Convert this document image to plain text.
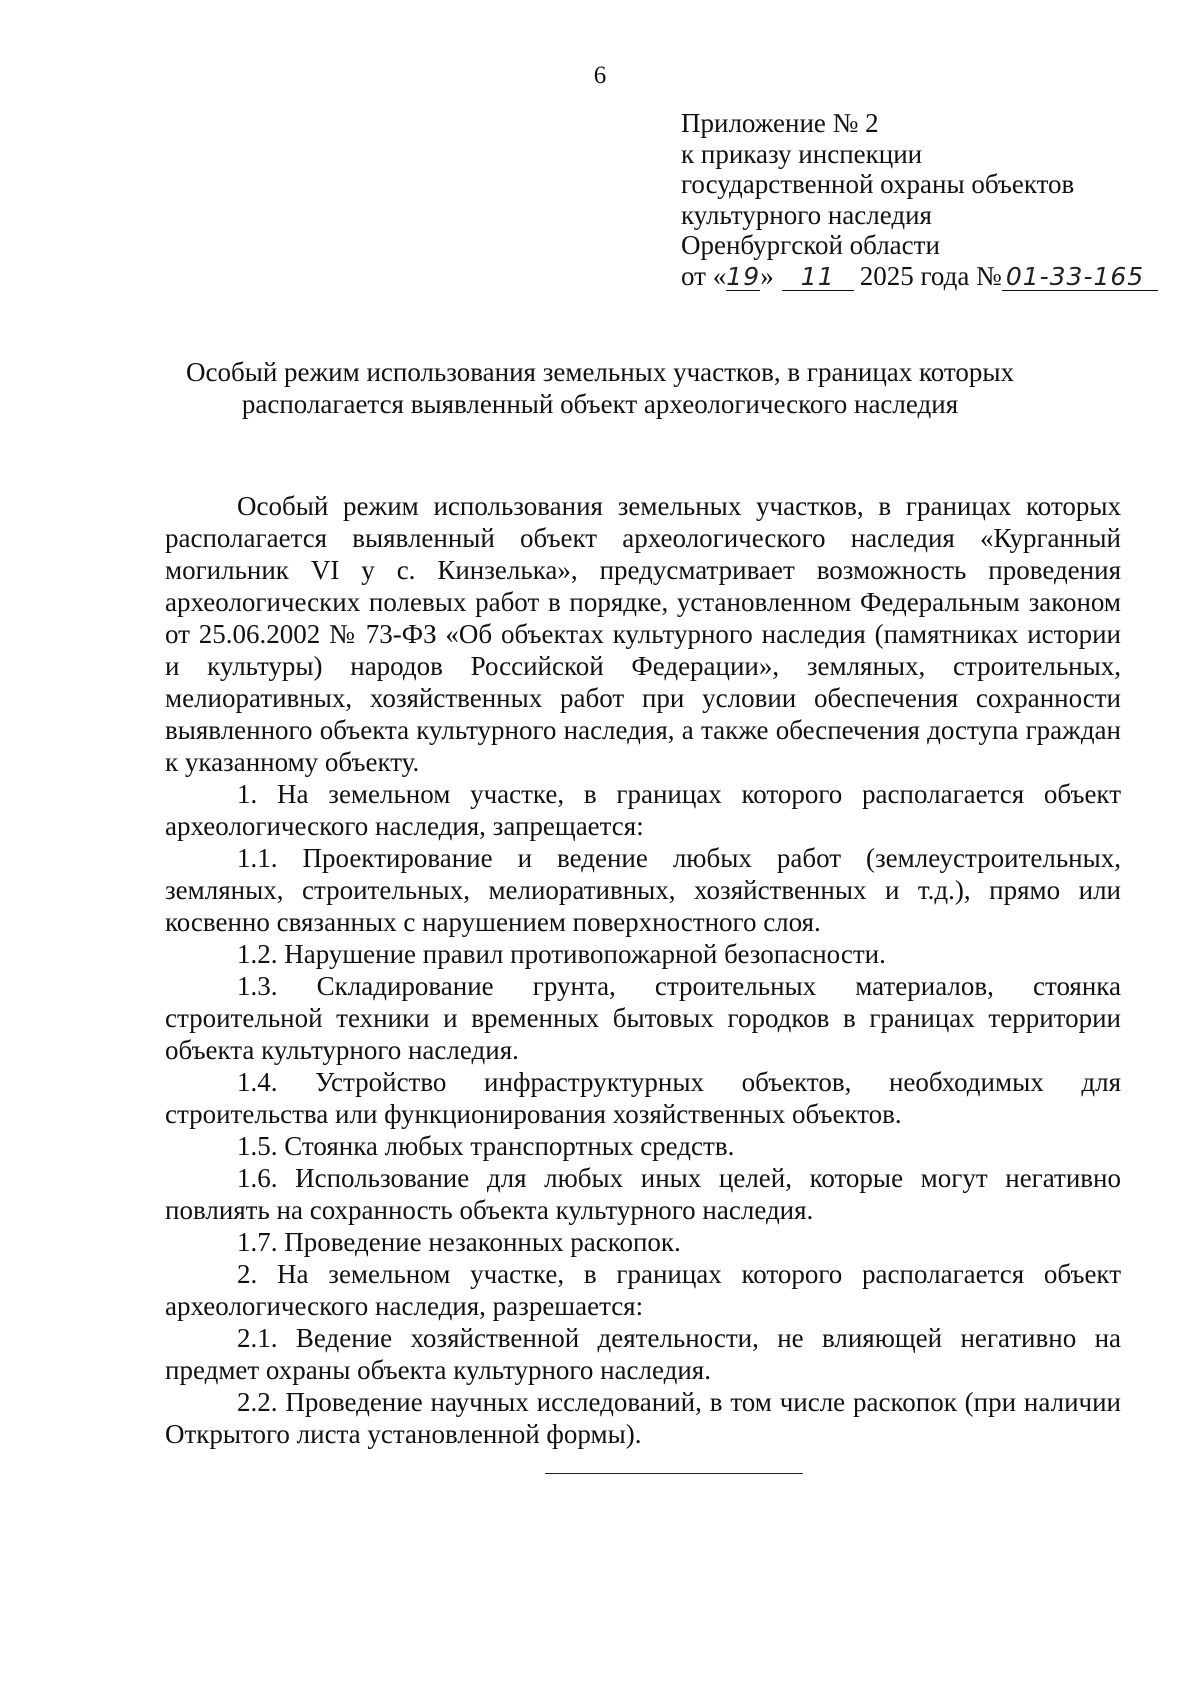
6
Приложение № 2
к приказу инспекции
государственной охраны объектов
культурного наследия
Оренбургской области
от «19» 11 2025 года № 01-33-165
Особый режим использования земельных участков, в границах которых
располагается выявленный объект археологического наследия

Особый режим использования земельных участков, в границах которых располагается выявленный объект археологического наследия «Курганный могильник VI у с. Кинзелька», предусматривает возможность проведения археологических полевых работ в порядке, установленном Федеральным законом от 25.06.2002 № 73-ФЗ «Об объектах культурного наследия (памятниках истории и культуры) народов Российской Федерации», земляных, строительных, мелиоративных, хозяйственных работ при условии обеспечения сохранности выявленного объекта культурного наследия, а также обеспечения доступа граждан к указанному объекту.

1. На земельном участке, в границах которого располагается объект археологического наследия, запрещается:

1.1. Проектирование и ведение любых работ (землеустроительных, земляных, строительных, мелиоративных, хозяйственных и т.д.), прямо или косвенно связанных с нарушением поверхностного слоя.

1.2. Нарушение правил противопожарной безопасности.

1.3. Складирование грунта, строительных материалов, стоянка строительной техники и временных бытовых городков в границах территории объекта культурного наследия.

1.4. Устройство инфраструктурных объектов, необходимых для строительства или функционирования хозяйственных объектов.

1.5. Стоянка любых транспортных средств.

1.6. Использование для любых иных целей, которые могут негативно повлиять на сохранность объекта культурного наследия.

1.7. Проведение незаконных раскопок.

2. На земельном участке, в границах которого располагается объект археологического наследия, разрешается:

2.1. Ведение хозяйственной деятельности, не влияющей негативно на предмет охраны объекта культурного наследия.

2.2. Проведение научных исследований, в том числе раскопок (при наличии Открытого листа установленной формы).
